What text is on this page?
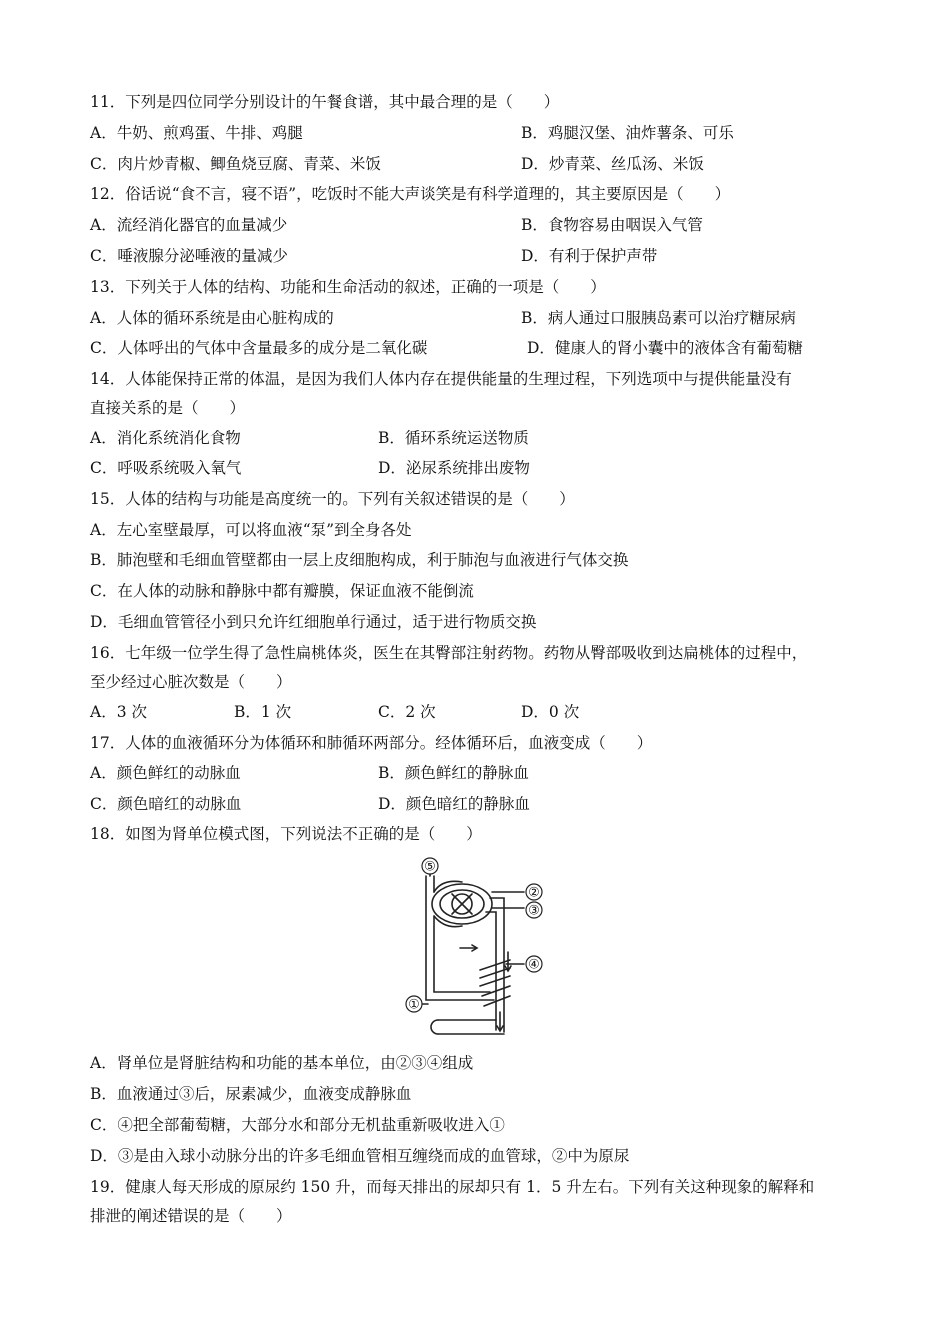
11．下列是四位同学分别设计的午餐食谱，其中最合理的是（　　）
A．牛奶、煎鸡蛋、牛排、鸡腿	B．鸡腿汉堡、油炸薯条、可乐
C．肉片炒青椒、鲫鱼烧豆腐、青菜、米饭	D．炒青菜、丝瓜汤、米饭
12．俗话说“食不言，寝不语”，吃饭时不能大声谈笑是有科学道理的，其主要原因是（　　）
A．流经消化器官的血量减少	B．食物容易由咽误入气管
C．唾液腺分泌唾液的量减少	D．有利于保护声带
13．下列关于人体的结构、功能和生命活动的叙述，正确的一项是（　　）
A．人体的循环系统是由心脏构成的	B．病人通过口服胰岛素可以治疗糖尿病
C．人体呼出的气体中含量最多的成分是二氧化碳	D．健康人的肾小囊中的液体含有葡萄糖
14．人体能保持正常的体温，是因为我们人体内存在提供能量的生理过程，下列选项中与提供能量没有
直接关系的是（　　）
A．消化系统消化食物	B．循环系统运送物质
C．呼吸系统吸入氧气	D．泌尿系统排出废物
15．人体的结构与功能是高度统一的。下列有关叙述错误的是（　　）
A．左心室壁最厚，可以将血液“泵”到全身各处
B．肺泡壁和毛细血管壁都由一层上皮细胞构成，利于肺泡与血液进行气体交换
C．在人体的动脉和静脉中都有瓣膜，保证血液不能倒流
D．毛细血管管径小到只允许红细胞单行通过，适于进行物质交换
16．七年级一位学生得了急性扁桃体炎，医生在其臀部注射药物。药物从臀部吸收到达扁桃体的过程中，
至少经过心脏次数是（　　）
A．3 次	B．1 次	C．2 次	D．0 次
17．人体的血液循环分为体循环和肺循环两部分。经体循环后，血液变成（　　）
A．颜色鲜红的动脉血	B．颜色鲜红的静脉血
C．颜色暗红的动脉血	D．颜色暗红的静脉血
18．如图为肾单位模式图，下列说法不正确的是（　　）
⑤
②
③
④
①
A．肾单位是肾脏结构和功能的基本单位，由②③④组成
B．血液通过③后，尿素减少，血液变成静脉血
C．④把全部葡萄糖，大部分水和部分无机盐重新吸收进入①
D．③是由入球小动脉分出的许多毛细血管相互缠绕而成的血管球，②中为原尿
19．健康人每天形成的原尿约 150 升，而每天排出的尿却只有 1．5 升左右。下列有关这种现象的解释和
排泄的阐述错误的是（　　）
